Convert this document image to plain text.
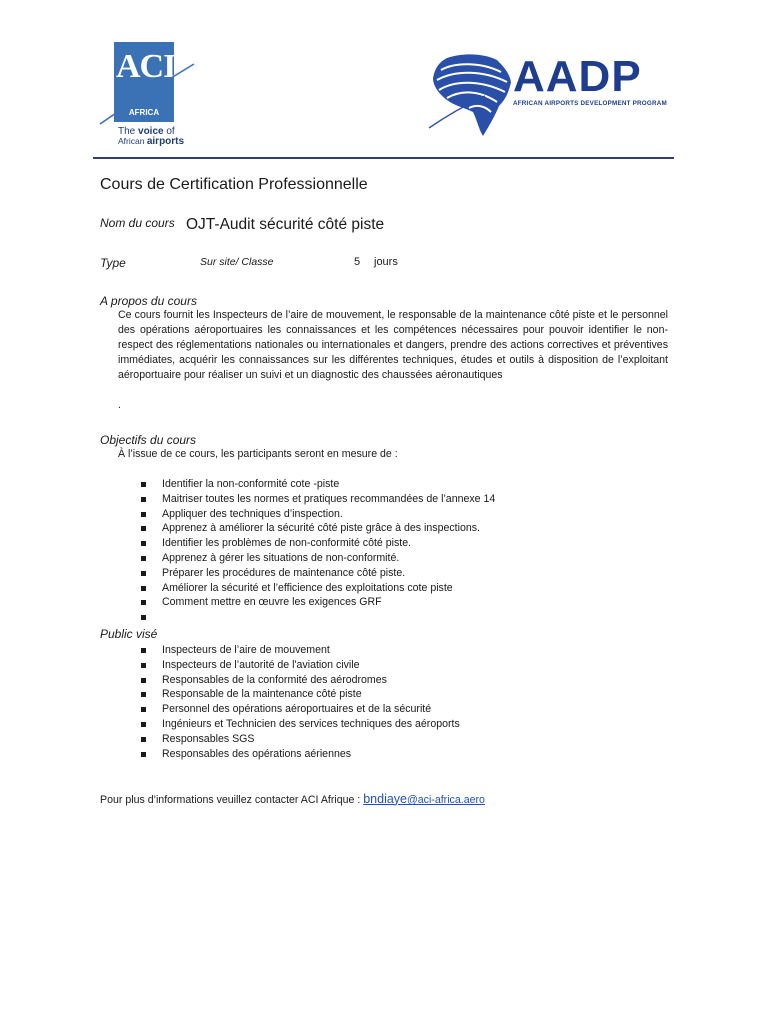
ACI
AFRICA
The voice of
African airports
AADP
AFRICAN AIRPORTS DEVELOPMENT PROGRAM
Cours de Certification Professionnelle
Nom du cours OJT-Audit sécurité côté piste
Type	Sur site/ Classe	5 jours
A propos du cours
Ce cours fournit les Inspecteurs de l’aire de mouvement, le responsable de la maintenance côté piste et le personnel des opérations aéroportuaires les connaissances et les compétences nécessaires pour pouvoir identifier le non-respect des réglementations nationales ou internationales et dangers, prendre des actions correctives et préventives immédiates, acquérir les connaissances sur les différentes techniques, études et outils à disposition de l’exploitant aéroportuaire pour réaliser un suivi et un diagnostic des chaussées aéronautiques
.
Objectifs du cours
À l’issue de ce cours, les participants seront en mesure de :
Identifier la non-conformité cote -piste
Maitriser toutes les normes et pratiques recommandées de l’annexe 14
Appliquer des techniques d’inspection.
Apprenez à améliorer la sécurité côté piste grâce à des inspections.
Identifier les problèmes de non-conformité côté piste.
Apprenez à gérer les situations de non-conformité.
Préparer les procédures de maintenance côté piste.
Améliorer la sécurité et l’efficience des exploitations cote piste
Comment mettre en œuvre les exigences GRF
Public visé
Inspecteurs de l’aire de mouvement
Inspecteurs de l’autorité de l'aviation civile
Responsables de la conformité des aérodromes
Responsable de la maintenance côté piste
Personnel des opérations aéroportuaires et de la sécurité
Ingénieurs et Technicien des services techniques des aéroports
Responsables SGS
Responsables des opérations aériennes
Pour plus d’informations veuillez contacter ACI Afrique : bndiaye@aci-africa.aero
